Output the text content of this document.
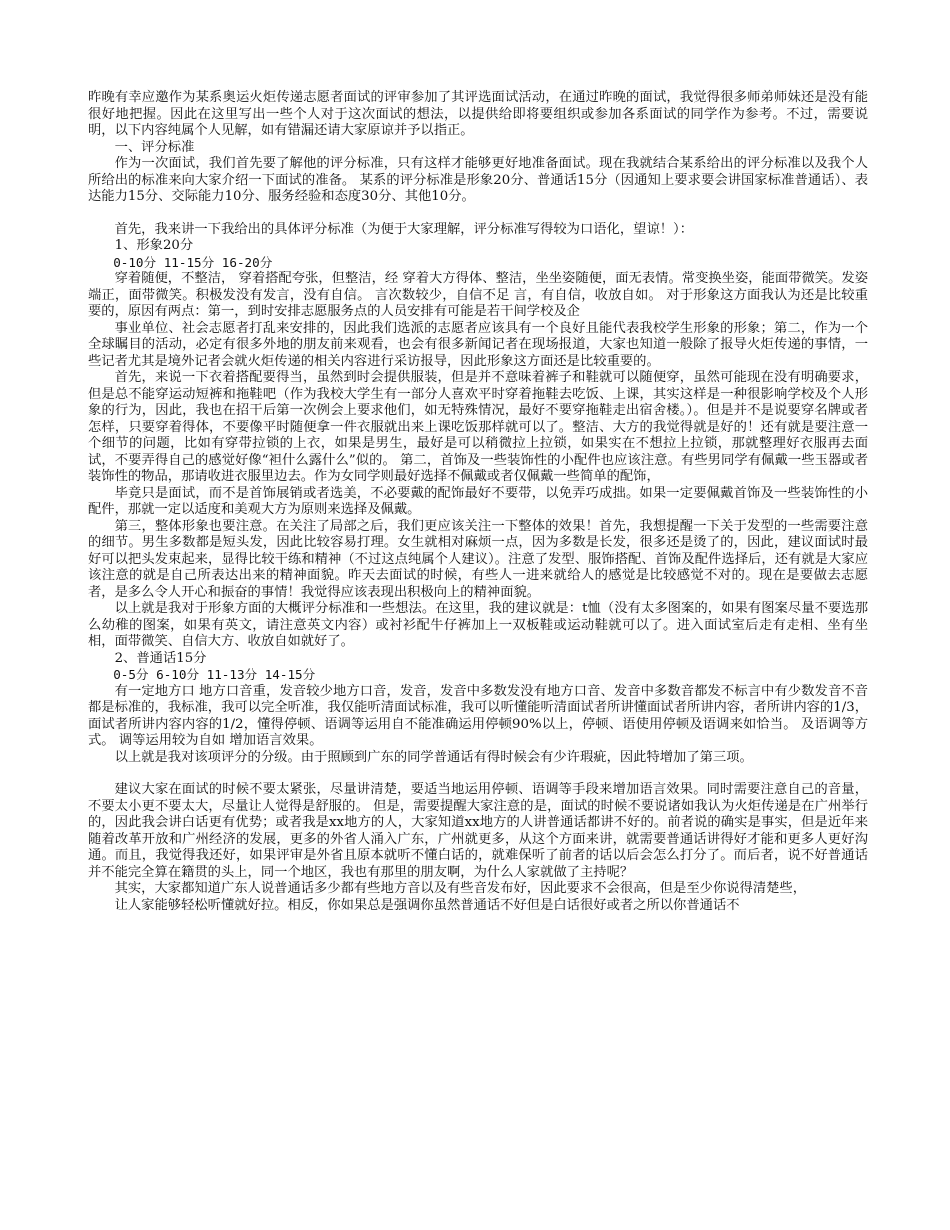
昨晚有幸应邀作为某系奥运火炬传递志愿者面试的评审参加了其评选面试活动，在通过昨晚的面试，我觉得很多师弟师妹还是没有能很好地把握。因此在这里写出一些个人对于这次面试的想法，以提供给即将要组织或参加各系面试的同学作为参考。不过，需要说明，以下内容纯属个人见解，如有错漏还请大家原谅并予以指正。

一、评分标准

作为一次面试，我们首先要了解他的评分标准，只有这样才能够更好地准备面试。现在我就结合某系给出的评分标准以及我个人所给出的标准来向大家介绍一下面试的准备。 某系的评分标准是形象20分、普通话15分（因通知上要求要会讲国家标准普通话）、表达能力15分、交际能力10分、服务经验和态度30分、其他10分。

首先，我来讲一下我给出的具体评分标准（为便于大家理解，评分标准写得较为口语化，望谅！）：

1、形象20分

0-10分 11-15分 16-20分

穿着随便，不整洁， 穿着搭配夸张，但整洁，经 穿着大方得体、整洁，坐坐姿随便，面无表情。常变换坐姿，能面带微笑。发姿端正，面带微笑。积极发没有发言，没有自信。 言次数较少，自信不足 言，有自信，收放自如。 对于形象这方面我认为还是比较重要的，原因有两点：第一，到时安排志愿服务点的人员安排有可能是若干间学校及企

事业单位、社会志愿者打乱来安排的，因此我们选派的志愿者应该具有一个良好且能代表我校学生形象的形象；第二，作为一个全球瞩目的活动，必定有很多外地的朋友前来观看，也会有很多新闻记者在现场报道，大家也知道一般除了报导火炬传递的事情，一些记者尤其是境外记者会就火炬传递的相关内容进行采访报导，因此形象这方面还是比较重要的。

首先，来说一下衣着搭配要得当，虽然到时会提供服装，但是并不意味着裤子和鞋就可以随便穿，虽然可能现在没有明确要求，但是总不能穿运动短裤和拖鞋吧（作为我校大学生有一部分人喜欢平时穿着拖鞋去吃饭、上课，其实这样是一种很影响学校及个人形象的行为，因此，我也在招干后第一次例会上要求他们，如无特殊情况，最好不要穿拖鞋走出宿舍楼。）。但是并不是说要穿名牌或者怎样，只要穿着得体，不要像平时随便拿一件衣服就出来上课吃饭那样就可以了。整洁、大方的我觉得就是好的！还有就是要注意一个细节的问题，比如有穿带拉锁的上衣，如果是男生，最好是可以稍微拉上拉锁，如果实在不想拉上拉锁，那就整理好衣服再去面试，不要弄得自己的感觉好像“袒什么露什么”似的。 第二，首饰及一些装饰性的小配件也应该注意。有些男同学有佩戴一些玉器或者装饰性的物品，那请收进衣服里边去。作为女同学则最好选择不佩戴或者仅佩戴一些简单的配饰，

毕竟只是面试，而不是首饰展销或者选美，不必要戴的配饰最好不要带，以免弄巧成拙。如果一定要佩戴首饰及一些装饰性的小配件，那就一定以适度和美观大方为原则来选择及佩戴。

第三，整体形象也要注意。在关注了局部之后，我们更应该关注一下整体的效果！首先，我想提醒一下关于发型的一些需要注意的细节。男生多数都是短头发，因此比较容易打理。女生就相对麻烦一点，因为多数是长发，很多还是烫了的，因此，建议面试时最好可以把头发束起来，显得比较干练和精神（不过这点纯属个人建议）。注意了发型、服饰搭配、首饰及配件选择后，还有就是大家应该注意的就是自己所表达出来的精神面貌。昨天去面试的时候，有些人一进来就给人的感觉是比较感觉不对的。现在是要做去志愿者，是多么令人开心和振奋的事情！我觉得应该表现出积极向上的精神面貌。

以上就是我对于形象方面的大概评分标准和一些想法。在这里，我的建议就是：t恤（没有太多图案的，如果有图案尽量不要选那么幼稚的图案，如果有英文，请注意英文内容）或衬衫配牛仔裤加上一双板鞋或运动鞋就可以了。进入面试室后走有走相、坐有坐相，面带微笑、自信大方、收放自如就好了。

2、普通话15分

0-5分 6-10分 11-13分 14-15分

有一定地方口 地方口音重，发音较少地方口音，发音，发音中多数发没有地方口音、发音中多数音都发不标言中有少数发音不音都是标准的，我标准，我可以完全听准，我仅能听清面试标准，我可以听懂能听清面试者所讲懂面试者所讲内容，者所讲内容的1/3，面试者所讲内容内容的1/2，懂得停顿、语调等运用自不能准确运用停顿90%以上，停顿、语使用停顿及语调来如恰当。 及语调等方式。 调等运用较为自如 增加语言效果。

以上就是我对该项评分的分级。由于照顾到广东的同学普通话有得时候会有少许瑕疵，因此特增加了第三项。

建议大家在面试的时候不要太紧张，尽量讲清楚，要适当地运用停顿、语调等手段来增加语言效果。同时需要注意自己的音量，不要太小更不要太大，尽量让人觉得是舒服的。 但是，需要提醒大家注意的是，面试的时候不要说诸如我认为火炬传递是在广州举行的，因此我会讲白话更有优势；或者我是xx地方的人，大家知道xx地方的人讲普通话都讲不好的。前者说的确实是事实，但是近年来随着改革开放和广州经济的发展，更多的外省人涌入广东，广州就更多，从这个方面来讲，就需要普通话讲得好才能和更多人更好沟通。而且，我觉得我还好，如果评审是外省且原本就听不懂白话的，就难保听了前者的话以后会怎么打分了。而后者，说不好普通话并不能完全算在籍贯的头上，同一个地区，我也有那里的朋友啊，为什么人家就做了主持呢？

其实，大家都知道广东人说普通话多少都有些地方音以及有些音发布好，因此要求不会很高，但是至少你说得清楚些，

让人家能够轻松听懂就好拉。相反，你如果总是强调你虽然普通话不好但是白话很好或者之所以你普通话不
